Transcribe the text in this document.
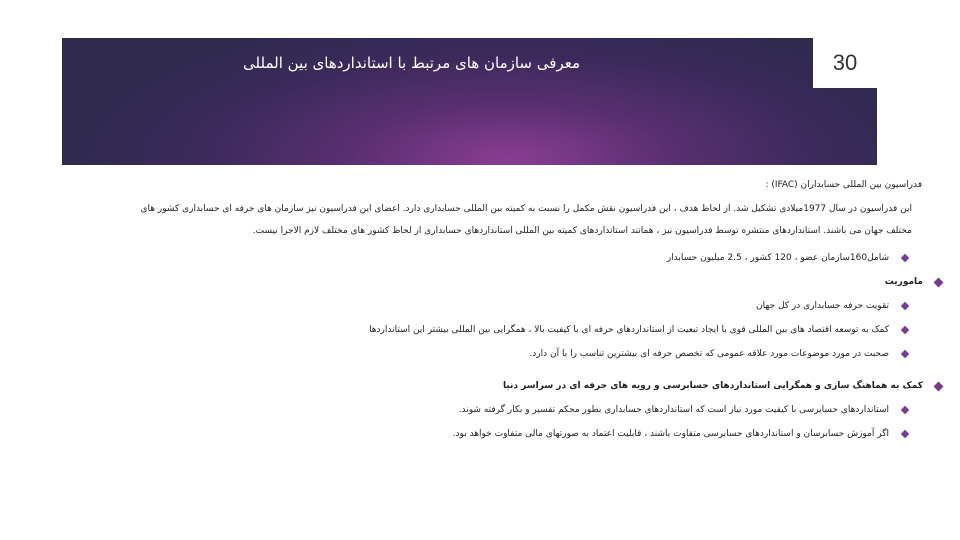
30
معرفی سازمان های مرتبط با استانداردهای بین المللی
فدراسیون بین المللی حسابداران (IFAC) :
این فدراسیون در سال 1977میلادی تشکیل شد. از لحاظ هدف ، این فدراسیون نقش مکمل را نسبت به کمیته بین المللی حسابداری دارد. اعضای این فدراسیون نیز سازمان های حرفه ای حسابداری کشور های مختلف جهان می باشند. استانداردهای منتشره توسط فدراسیون نیز ، همانند استانداردهای کمیته بین المللی استانداردهای حسابداری از لحاظ کشور های مختلف لازم الاجرا نیست.
شامل160سازمان عضو ، 120 کشور ، 2.5 میلیون حسابدار
ماموریت
تقویت حرفه حسابداری در کل جهان
کمک به توسعه اقتصاد های بین المللی قوی با ایجاد تبعیت از استانداردهای حرفه ای با کیفیت بالا ، همگرایی بین المللی بیشتر این استانداردها
صحبت در مورد موضوعات مورد علاقه عمومی که تخصص حرفه ای بیشترین تناسب را با آن دارد.
کمک به هماهنگ سازی و همگرایی استانداردهای حسابرسی و رویه های حرفه ای در سراسر دنیا
استانداردهای حسابرسی با کیفیت مورد نیاز است که استانداردهای حسابداری بطور محکم تفسیر و بکار گرفته شوند.
اگر آموزش حسابرسان و استانداردهای حسابرسی متفاوت باشند ، قابلیت اعتماد به صورتهای مالی متفاوت خواهد بود.
